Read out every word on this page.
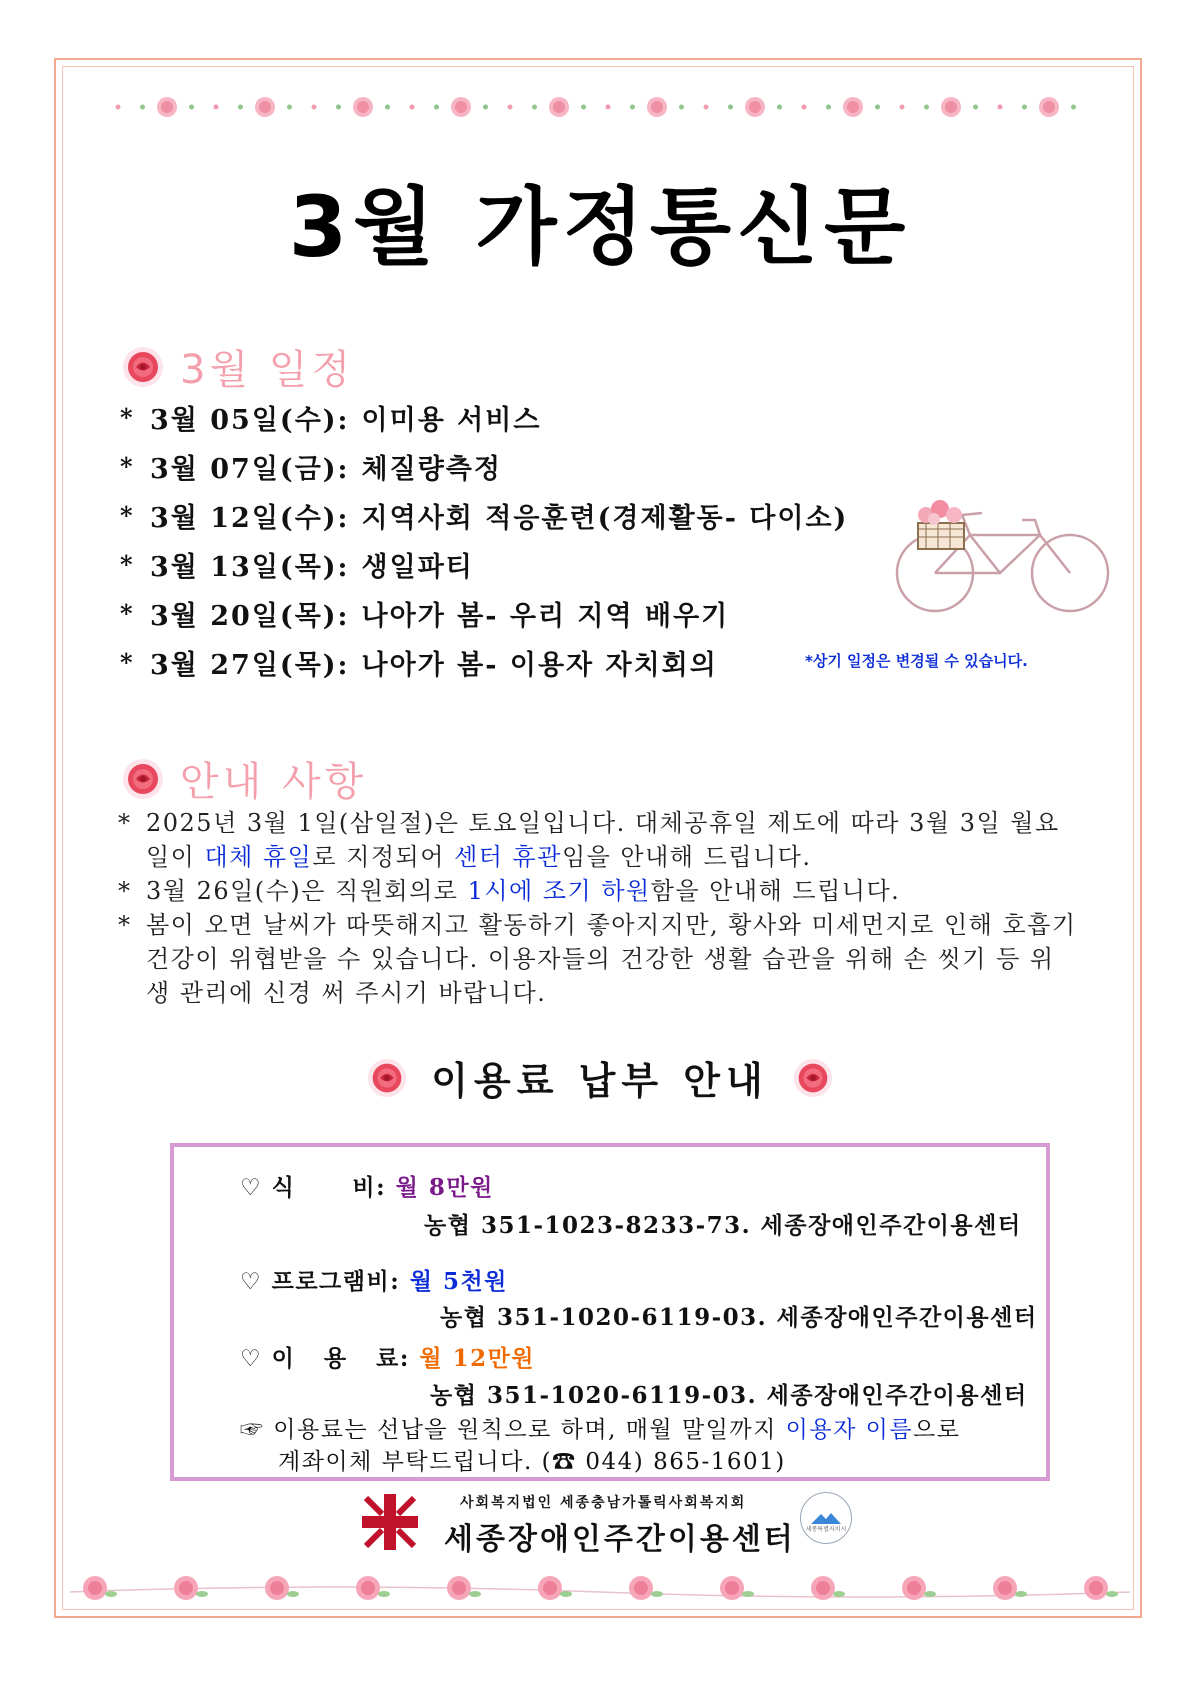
3월 가정통신문
3월 일정
* 3월 05일(수): 이미용 서비스
* 3월 07일(금): 체질량측정
* 3월 12일(수): 지역사회 적응훈련(경제활동- 다이소)
* 3월 13일(목): 생일파티
* 3월 20일(목): 나아가 봄- 우리 지역 배우기
* 3월 27일(목): 나아가 봄- 이용자 자치회의	*상기 일정은 변경될 수 있습니다.
안내 사항
* 2025년 3월 1일(삼일절)은 토요일입니다. 대체공휴일 제도에 따라 3월 3일 월요일이 대체 휴일로 지정되어 센터 휴관임을 안내해 드립니다.
* 3월 26일(수)은 직원회의로 1시에 조기 하원함을 안내해 드립니다.
* 봄이 오면 날씨가 따뜻해지고 활동하기 좋아지지만, 황사와 미세먼지로 인해 호흡기 건강이 위협받을 수 있습니다. 이용자들의 건강한 생활 습관을 위해 손 씻기 등 위생 관리에 신경 써 주시기 바랍니다.
이용료 납부 안내
♡ 식      비: 월 8만원
농협 351-1023-8233-73. 세종장애인주간이용센터
♡ 프로그램비: 월 5천원
농협 351-1020-6119-03. 세종장애인주간이용센터
♡ 이   용   료: 월 12만원
농협 351-1020-6119-03. 세종장애인주간이용센터
☞ 이용료는 선납을 원칙으로 하며, 매월 말일까지 이용자 이름으로
계좌이체 부탁드립니다. (☎ 044) 865-1601)
사회복지법인 세종충남가톨릭사회복지회
세종장애인주간이용센터 세종특별자치시
